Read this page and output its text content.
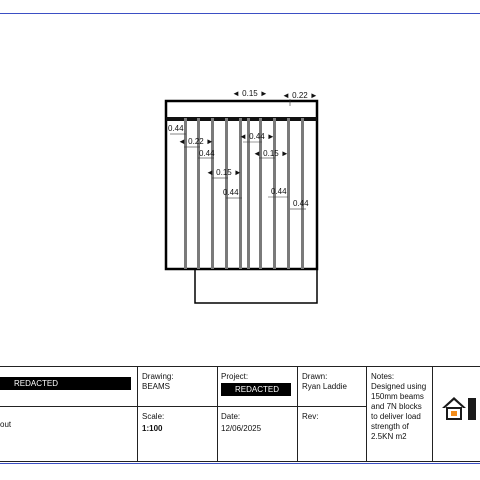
◄ 0.15 ► ◄ 0.22 ►
0.44
◄ 0.22 ►
0.44
◄ 0.15 ►
0.44
◄ 0.44 ►
◄ 0.15 ►
0.44
0.44
REDACTED
out
Drawing:
BEAMS
Project:
REDACTED
Drawn:
Ryan Laddie
Notes:
Designed using 150mm beams and 7N blocks to deliver load strength of 2.5KN m2
Scale:
1:100
Date:
12/06/2025
Rev:
